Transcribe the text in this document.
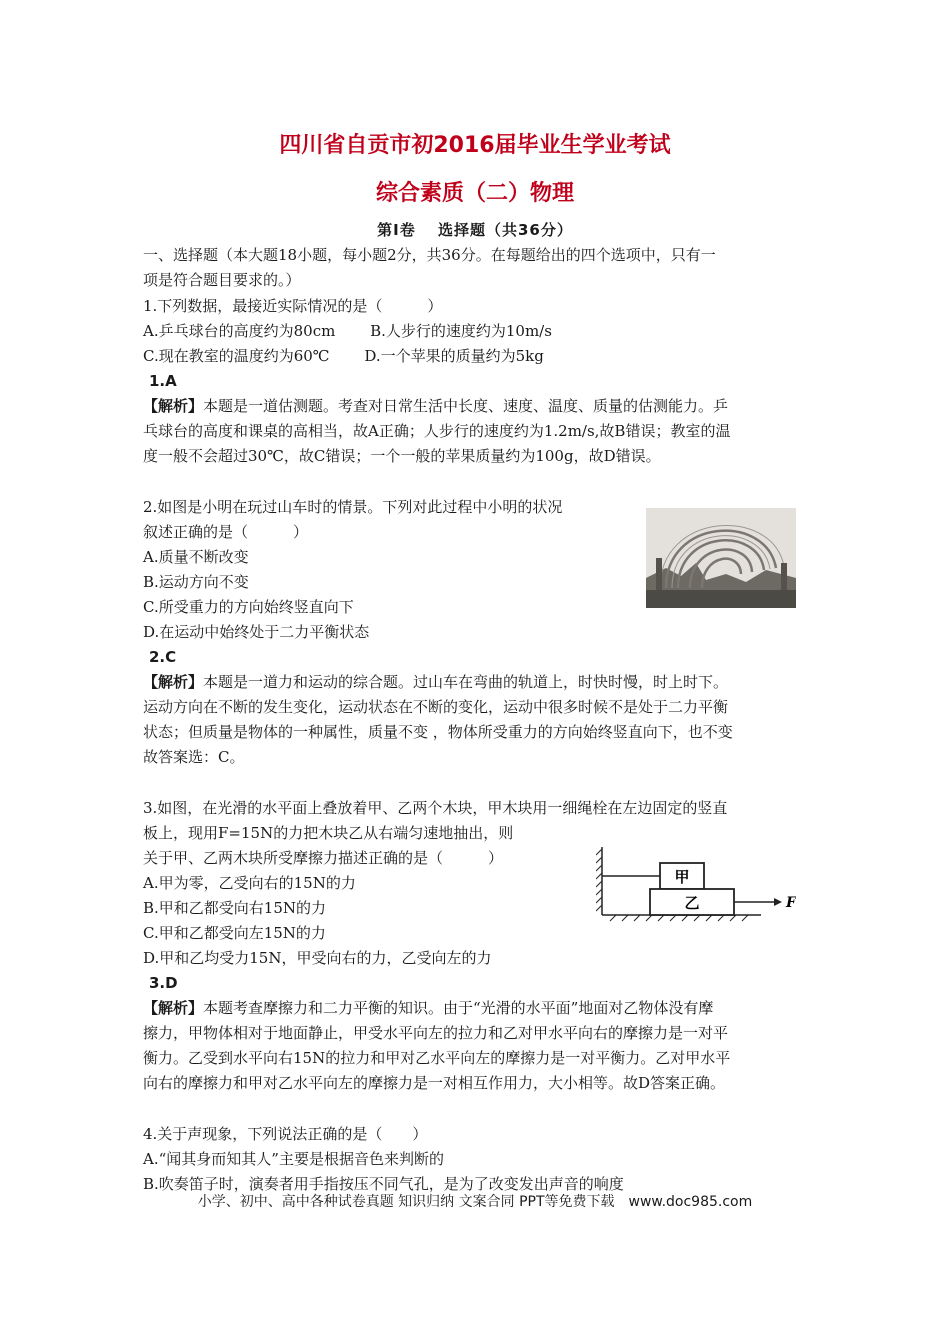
四川省自贡市初2016届毕业生学业考试
综合素质（二）物理
第Ⅰ卷　 选择题（共36分）
一、选择题（本大题18小题，每小题2分，共36分。在每题给出的四个选项中，只有一
项是符合题目要求的。）
1.下列数据，最接近实际情况的是（　　　）
A.乒乓球台的高度约为80cm　　 B.人步行的速度约为10m/s
C.现在教室的温度约为60℃　　 D.一个苹果的质量约为5kg
1.A
【解析】本题是一道估测题。考查对日常生活中长度、速度、温度、质量的估测能力。乒
乓球台的高度和课桌的高相当，故A正确；人步行的速度约为1.2m/s,故B错误；教室的温
度一般不会超过30℃，故C错误；一个一般的苹果质量约为100g，故D错误。
2.如图是小明在玩过山车时的情景。下列对此过程中小明的状况
叙述正确的是（　　　）
A.质量不断改变
B.运动方向不变
C.所受重力的方向始终竖直向下
D.在运动中始终处于二力平衡状态
2.C
【解析】本题是一道力和运动的综合题。过山车在弯曲的轨道上，时快时慢，时上时下。
运动方向在不断的发生变化，运动状态在不断的变化，运动中很多时候不是处于二力平衡
状态；但质量是物体的一种属性，质量不变 ，物体所受重力的方向始终竖直向下，也不变
故答案选：C。
3.如图，在光滑的水平面上叠放着甲、乙两个木块，甲木块用一细绳栓在左边固定的竖直
板上，现用F=15N的力把木块乙从右端匀速地抽出，则
关于甲、乙两木块所受摩擦力描述正确的是（　　　）
A.甲为零，乙受向右的15N的力
B.甲和乙都受向右15N的力
C.甲和乙都受向左15N的力
D.甲和乙均受力15N，甲受向右的力，乙受向左的力
3.D
【解析】本题考查摩擦力和二力平衡的知识。由于“光滑的水平面”地面对乙物体没有摩
擦力，甲物体相对于地面静止，甲受水平向左的拉力和乙对甲水平向右的摩擦力是一对平
衡力。乙受到水平向右15N的拉力和甲对乙水平向左的摩擦力是一对平衡力。乙对甲水平
向右的摩擦力和甲对乙水平向左的摩擦力是一对相互作用力，大小相等。故D答案正确。
甲
乙	F
4.关于声现象，下列说法正确的是（　　）
A.“闻其身而知其人”主要是根据音色来判断的
B.吹奏笛子时，演奏者用手指按压不同气孔，是为了改变发出声音的响度
小学、初中、高中各种试卷真题 知识归纳 文案合同 PPT等免费下载　www.doc985.com
